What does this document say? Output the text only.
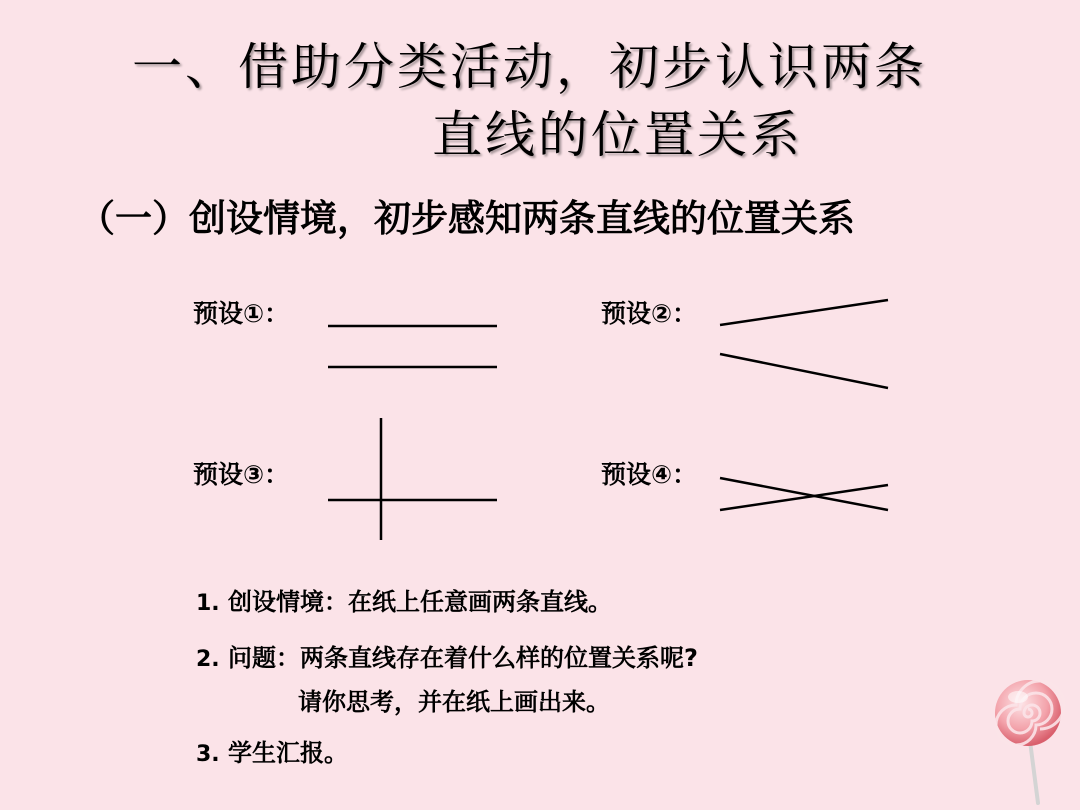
一、借助分类活动，初步认识两条
直线的位置关系
（一）创设情境，初步感知两条直线的位置关系
预设①：	预设②：
预设③：	预设④：
1. 创设情境：在纸上任意画两条直线。
2. 问题：两条直线存在着什么样的位置关系呢?
请你思考，并在纸上画出来。
3. 学生汇报。
